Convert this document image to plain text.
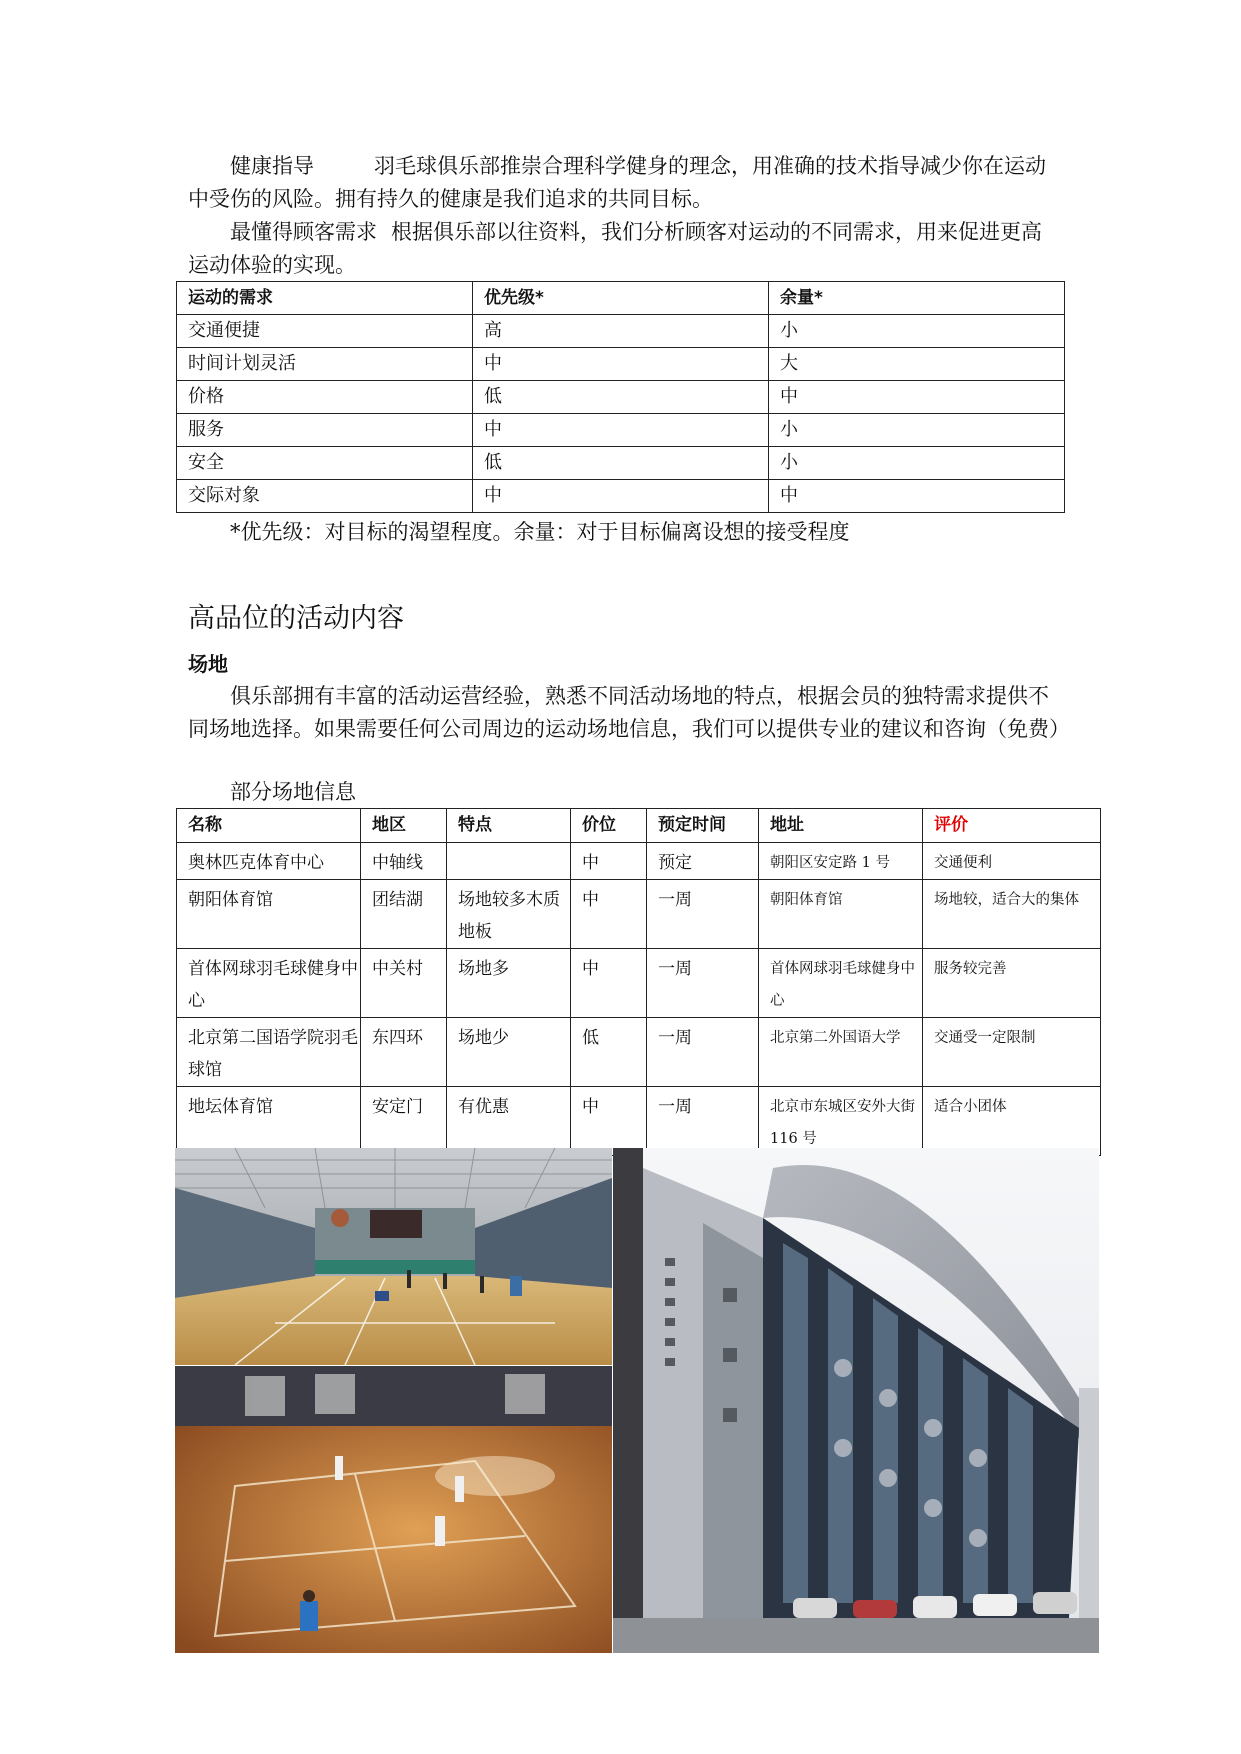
健康指导	羽毛球俱乐部推崇合理科学健身的理念，用准确的技术指导减少你在运动中受伤的风险。拥有持久的健康是我们追求的共同目标。

最懂得顾客需求 根据俱乐部以往资料，我们分析顾客对运动的不同需求，用来促进更高运动体验的实现。

运动的需求	优先级*	余量*
交通便捷	高	小
时间计划灵活	中	大
价格	低	中
服务	中	小
安全	低	小
交际对象	中	中

*优先级：对目标的渴望程度。余量：对于目标偏离设想的接受程度

高品位的活动内容
场地

俱乐部拥有丰富的活动运营经验，熟悉不同活动场地的特点，根据会员的独特需求提供不同场地选择。如果需要任何公司周边的运动场地信息，我们可以提供专业的建议和咨询（免费）

部分场地信息

名称	地区	特点	价位	预定时间	地址	评价
奥林匹克体育中心	中轴线		中	预定	朝阳区安定路 1 号	交通便利
朝阳体育馆	团结湖	场地较多木质地板	中	一周	朝阳体育馆	场地较，适合大的集体
首体网球羽毛球健身中心	中关村	场地多	中	一周	首体网球羽毛球健身中心	服务较完善
北京第二国语学院羽毛球馆	东四环	场地少	低	一周	北京第二外国语大学	交通受一定限制
地坛体育馆	安定门	有优惠	中	一周	北京市东城区安外大街 116 号	适合小团体
